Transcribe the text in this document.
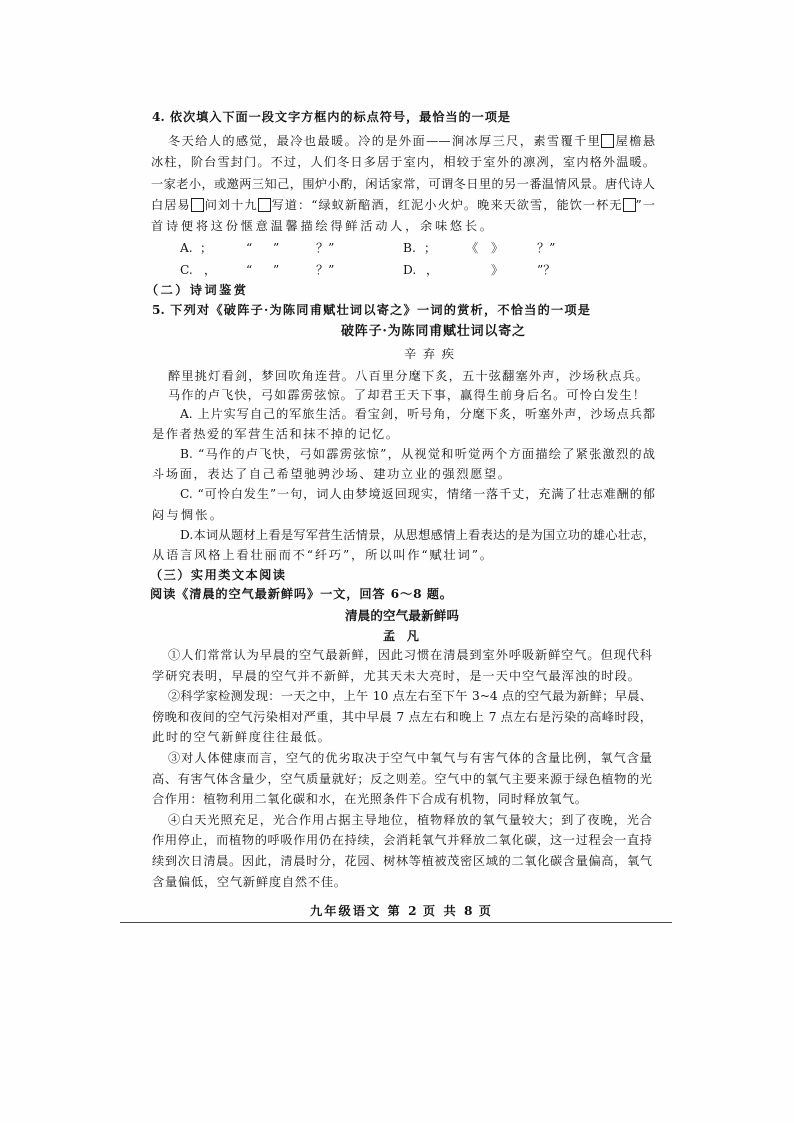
4. 依次填入下面一段文字方框内的标点符号，最恰当的一项是
冬天给人的感觉，最冷也最暖。冷的是外面——涧冰厚三尺，素雪覆千里 屋檐悬
冰柱，阶台雪封门。不过，人们冬日多居于室内，相较于室外的凛冽，室内格外温暖。
一家老小，或邀两三知己，围炉小酌，闲话家常，可谓冬日里的另一番温情风景。唐代诗人
白居易 问刘十九 写道：“绿蚁新醅酒，红泥小火炉。晚来天欲雪，能饮一杯无 ”一
首诗便将这份惬意温馨描绘得鲜活动人，余味悠长。
A. ；	“ ”	？”	B. ； 《 》	？”
C. ， “ ”	？”	D. ，	》	”？
（二）诗词鉴赏
5. 下列对《破阵子·为陈同甫赋壮词以寄之》一词的赏析，不恰当的一项是
破阵子·为陈同甫赋壮词以寄之
辛弃疾
醉里挑灯看剑，梦回吹角连营。八百里分麾下炙，五十弦翻塞外声，沙场秋点兵。
马作的卢飞快，弓如霹雳弦惊。了却君王天下事，赢得生前身后名。可怜白发生！
A. 上片实写自己的军旅生活。看宝剑，听号角，分麾下炙，听塞外声，沙场点兵都
是作者热爱的军营生活和抹不掉的记忆。
B. “马作的卢飞快，弓如霹雳弦惊”，从视觉和听觉两个方面描绘了紧张激烈的战
斗场面，表达了自己希望驰骋沙场、建功立业的强烈愿望。
C. “可怜白发生”一句，词人由梦境返回现实，情绪一落千丈，充满了壮志难酬的郁
闷与惆怅。
D.本词从题材上看是写军营生活情景，从思想感情上看表达的是为国立功的雄心壮志，
从语言风格上看壮丽而不“纤巧”，所以叫作“赋壮词”。
（三）实用类文本阅读
阅读《清晨的空气最新鲜吗》一文，回答 6～8 题。
清晨的空气最新鲜吗
孟 凡
①人们常常认为早晨的空气最新鲜，因此习惯在清晨到室外呼吸新鲜空气。但现代科
学研究表明，早晨的空气并不新鲜，尤其天未大亮时，是一天中空气最浑浊的时段。
②科学家检测发现：一天之中，上午 10 点左右至下午 3~4 点的空气最为新鲜；早晨、
傍晚和夜间的空气污染相对严重，其中早晨 7 点左右和晚上 7 点左右是污染的高峰时段，
此时的空气新鲜度往往最低。
③对人体健康而言，空气的优劣取决于空气中氧气与有害气体的含量比例，氧气含量
高、有害气体含量少，空气质量就好；反之则差。空气中的氧气主要来源于绿色植物的光
合作用：植物利用二氧化碳和水，在光照条件下合成有机物，同时释放氧气。
④白天光照充足，光合作用占据主导地位，植物释放的氧气量较大；到了夜晚，光合
作用停止，而植物的呼吸作用仍在持续，会消耗氧气并释放二氧化碳，这一过程会一直持
续到次日清晨。因此，清晨时分，花园、树林等植被茂密区域的二氧化碳含量偏高，氧气
含量偏低，空气新鲜度自然不佳。
九年级语文 第 2 页 共 8 页
